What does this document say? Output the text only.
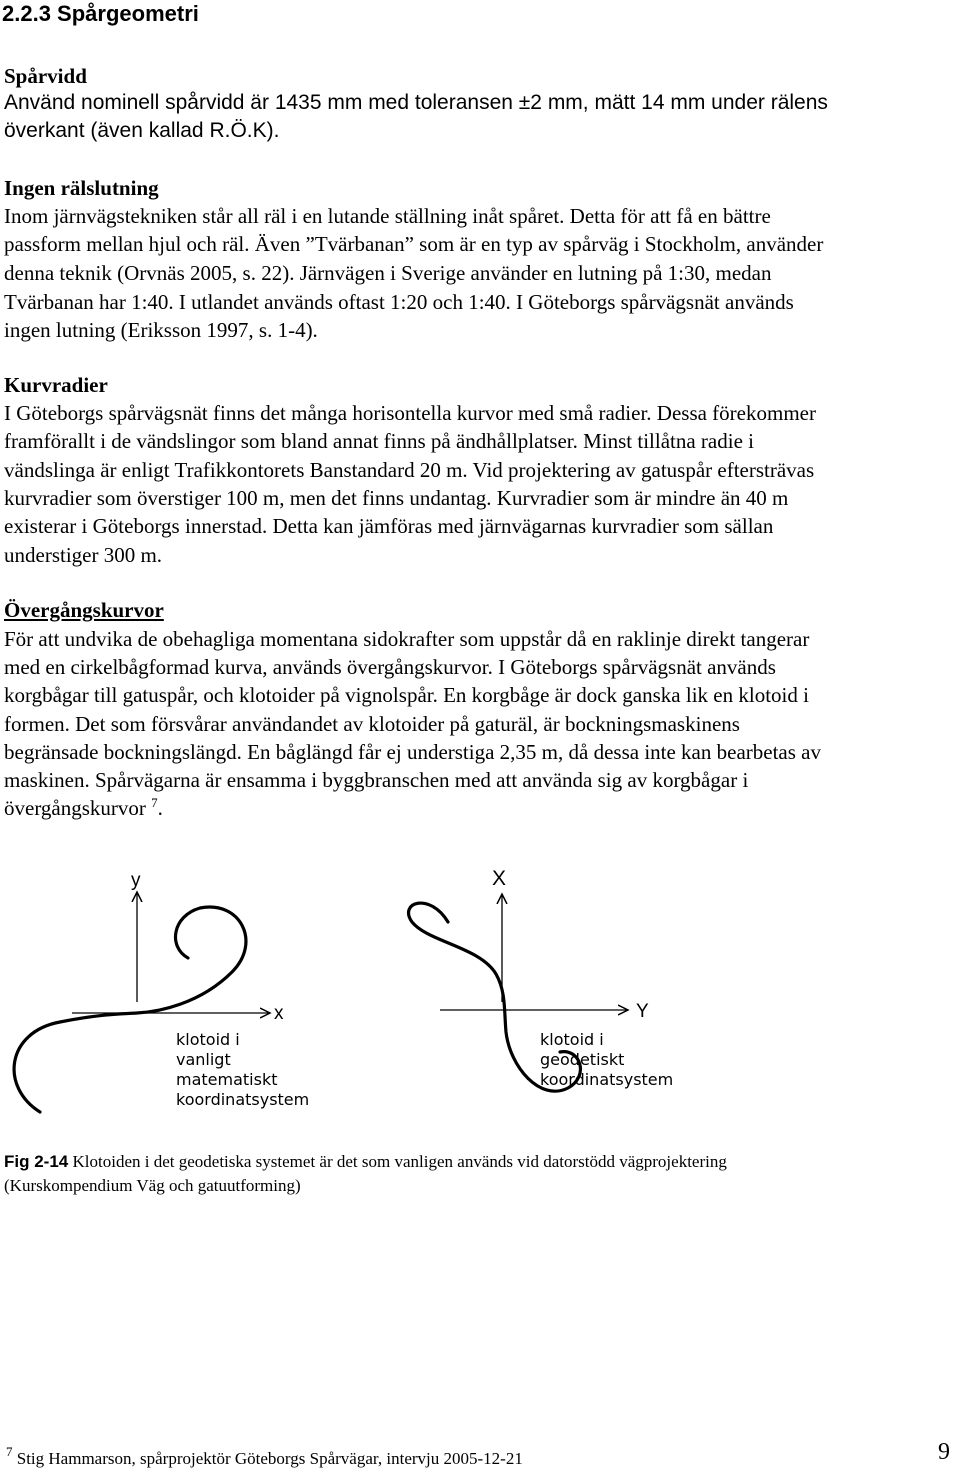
2.2.3 Spårgeometri
Spårvidd
Använd nominell spårvidd är 1435 mm med toleransen ±2 mm, mätt 14 mm under rälens
överkant (även kallad R.Ö.K).
Ingen rälslutning
Inom järnvägstekniken står all räl i en lutande ställning inåt spåret. Detta för att få en bättre
passform mellan hjul och räl. Även ”Tvärbanan” som är en typ av spårväg i Stockholm, använder
denna teknik (Orvnäs 2005, s. 22). Järnvägen i Sverige använder en lutning på 1:30, medan
Tvärbanan har 1:40. I utlandet används oftast 1:20 och 1:40. I Göteborgs spårvägsnät används
ingen lutning (Eriksson 1997, s. 1-4).
Kurvradier
I Göteborgs spårvägsnät finns det många horisontella kurvor med små radier. Dessa förekommer
framförallt i de vändslingor som bland annat finns på ändhållplatser. Minst tillåtna radie i
vändslinga är enligt Trafikkontorets Banstandard 20 m. Vid projektering av gatuspår eftersträvas
kurvradier som överstiger 100 m, men det finns undantag. Kurvradier som är mindre än 40 m
existerar i Göteborgs innerstad. Detta kan jämföras med järnvägarnas kurvradier som sällan
understiger 300 m.
Övergångskurvor
För att undvika de obehagliga momentana sidokrafter som uppstår då en raklinje direkt tangerar
med en cirkelbågformad kurva, används övergångskurvor. I Göteborgs spårvägsnät används
korgbågar till gatuspår, och klotoider på vignolspår. En korgbåge är dock ganska lik en klotoid i
formen. Det som försvårar användandet av klotoider på gaturäl, är bockningsmaskinens
begränsade bockningslängd. En båglängd får ej understiga 2,35 m, då dessa inte kan bearbetas av
maskinen. Spårvägarna är ensamma i byggbranschen med att använda sig av korgbågar i
övergångskurvor $^7$.
y
x
klotoid i
vanligt
matematiskt
koordinatsystem
X
Y
klotoid i
geodetiskt
koordinatsystem
Fig 2-14 Klotoiden i det geodetiska systemet är det som vanligen används vid datorstödd vägprojektering
(Kurskompendium Väg och gatuutforming)
$^7$ Stig Hammarson, spårprojektör Göteborgs Spårvägar, intervju 2005-12-21	9
